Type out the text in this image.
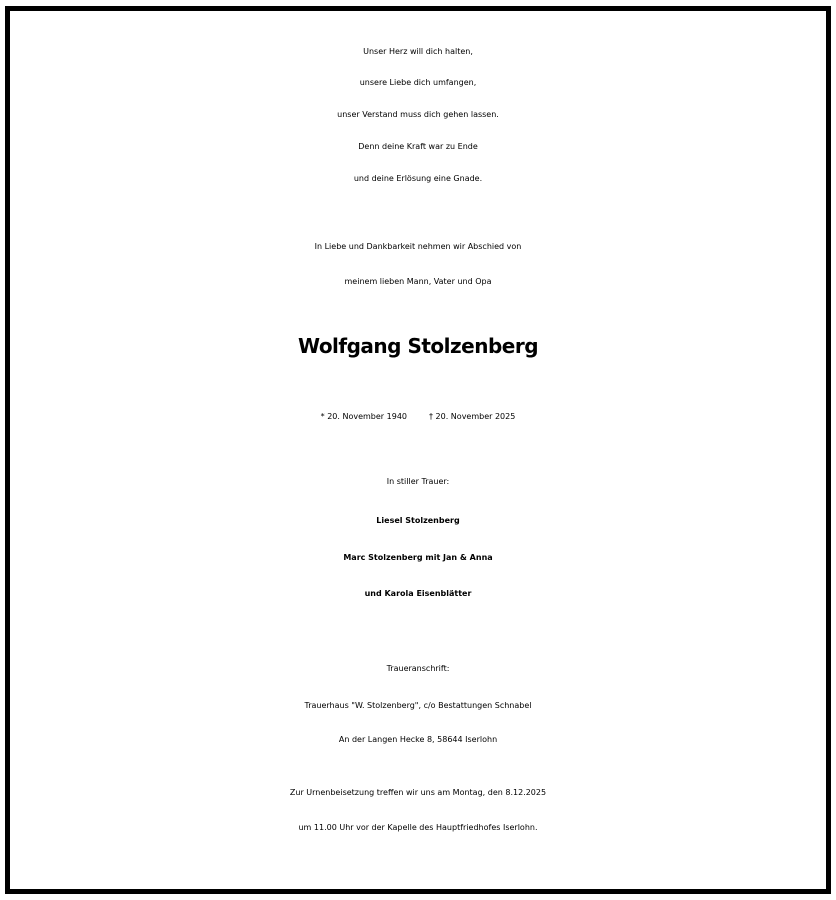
Unser Herz will dich halten,
unsere Liebe dich umfangen,
unser Verstand muss dich gehen lassen.
Denn deine Kraft war zu Ende
und deine Erlösung eine Gnade.
In Liebe und Dankbarkeit nehmen wir Abschied von
meinem lieben Mann, Vater und Opa
Wolfgang Stolzenberg
* 20. November 1940	† 20. November 2025
In stiller Trauer:
Liesel Stolzenberg
Marc Stolzenberg mit Jan & Anna
und Karola Eisenblätter
Traueranschrift:
Trauerhaus "W. Stolzenberg", c/o Bestattungen Schnabel
An der Langen Hecke 8, 58644 Iserlohn
Zur Urnenbeisetzung treffen wir uns am Montag, den 8.12.2025
um 11.00 Uhr vor der Kapelle des Hauptfriedhofes Iserlohn.
